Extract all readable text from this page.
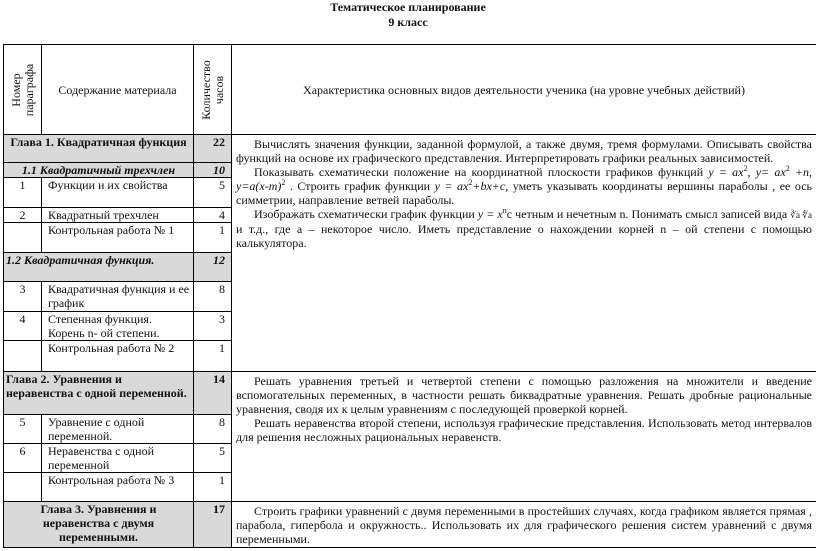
Тематическое планирование
9 класс
Номер параграфа	Содержание материала	Количество часов	Характеристика основных видов деятельности ученика (на уровне учебных действий)
Глава 1. Квадратичная функция		22	Вычислять значения функции, заданной формулой, а также двумя, тремя формулами. Описывать свойства функций на основе их графического представления. Интерпретировать графики реальных зависимостей.

Показывать схематически положение на координатной плоскости графиков функций $y = ax^2$, $y= ax^2 +n$, $y=a(x-m)^2$ . Строить график функции $y = ax^2+bx+c$, уметь указывать координаты вершины параболы , ее ось симметрии, направление ветвей параболы.

Изображать схематически график функции $y = x^nс$ четным и нечетным n. Понимать смысл записей вида ∛a ∜a и т.д., где а – некоторое число. Иметь представление о нахождении корней n – ой степени с помощью калькулятора.

1.1 Квадратичный трехчлен		10	
1	Функции и их свойства	5	
2	Квадратный трехчлен	4	
	Контрольная работа № 1	1	
1.2 Квадратичная функция.		12	
3	Квадратичная функция и ее график	8	
4	Степенная функция. Корень n- ой степени.	3	
	Контрольная работа № 2	1	
Глава 2. Уравнения и неравенства с одной переменной.		14	Решать уравнения третьей и четвертой степени с помощью разложения на множители и введение вспомогательных переменных, в частности решать биквадратные уравнения. Решать дробные рациональные уравнения, сводя их к целым уравнениям с последующей проверкой корней.

Решать неравенства второй степени, используя графические представления. Использовать метод интервалов для решения несложных рациональных неравенств.

5	Уравнение с одной переменной.	8	
6	Неравенства с одной переменной	5	
	Контрольная работа № 3	1	
Глава 3. Уравнения и неравенства с двумя переменными.		17	Строить графики уравнений с двумя переменными в простейших случаях, когда графиком является прямая , парабола, гипербола и окружность.. Использовать их для графического решения систем уравнений с двумя переменными.
